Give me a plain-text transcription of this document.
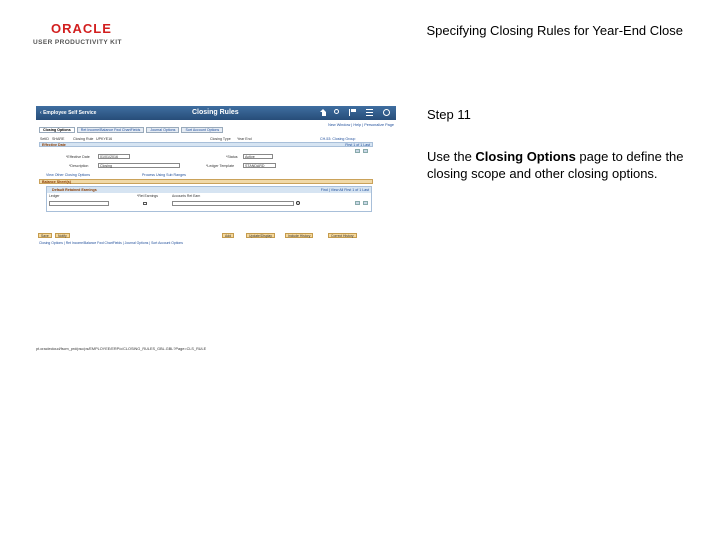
ORACLE
USER PRODUCTIVITY KIT
Specifying Closing Rules for Year-End Close
‹ Employee Self Service	Closing Rules
New Window | Help | Personalize Page
Closing Options	Ret Income/Balance Fwd ChartFields	Journal Options	Sort Account Options
SetID SHARE Closing Rule UPKYE16	Closing Type Year End	CH-53: Closing Group
Effective Date	First 1 of 1 Last
*Effective Date	01/01/2016	*Status	Active
*Description	Closing	*Ledger Template	STANDARD
View Other Closing Options	Process Using Sub Ranges
Balance Sheet(s)
Default Retained Earnings	Find | View All First 1 of 1 Last
Ledger	*Ret Earnings	Accounts Ret Earn
Save	Notify	Add	Update/Display	Include History	Correct History
Closing Options | Ret Income/Balance Fwd ChartFields | Journal Options | Sort Account Options
pt.oraclecloud/fscm_prd/psc/ps/EMPLOYEE/ERP/c/CLOSING_RULES_GBL.GBL?Page=CLS_RULE
Step 11
Use the Closing Options page to define the closing scope and other closing options.
